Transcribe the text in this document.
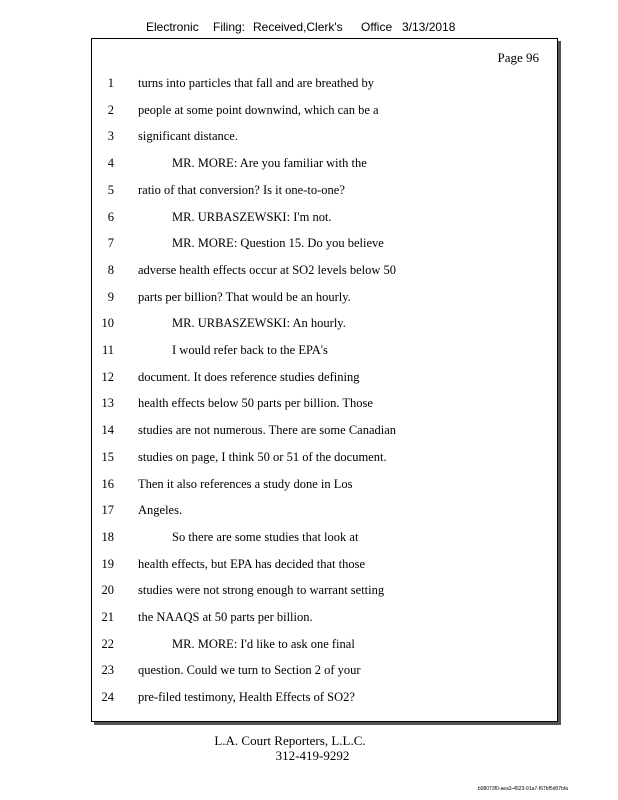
Electronic Filing: Received,Clerk's Office 3/13/2018
Page 96
1 turns into particles that fall and are breathed by
2 people at some point downwind, which can be a
3 significant distance.
4	MR. MORE: Are you familiar with the
5 ratio of that conversion? Is it one-to-one?
6	MR. URBASZEWSKI: I'm not.
7	MR. MORE: Question 15. Do you believe
8 adverse health effects occur at SO2 levels below 50
9 parts per billion? That would be an hourly.
10	MR. URBASZEWSKI: An hourly.
11	I would refer back to the EPA's
12 document. It does reference studies defining
13 health effects below 50 parts per billion. Those
14 studies are not numerous. There are some Canadian
15 studies on page, I think 50 or 51 of the document.
16 Then it also references a study done in Los
17 Angeles.
18	So there are some studies that look at
19 health effects, but EPA has decided that those
20 studies were not strong enough to warrant setting
21 the NAAQS at 50 parts per billion.
22	MR. MORE: I'd like to ask one final
23 question. Could we turn to Section 2 of your
24 pre-filed testimony, Health Effects of SO2?
L.A. Court Reporters, L.L.C.
312-419-9292
b98073f0-aea3-4523-91a7-f67bf5d07bfa
